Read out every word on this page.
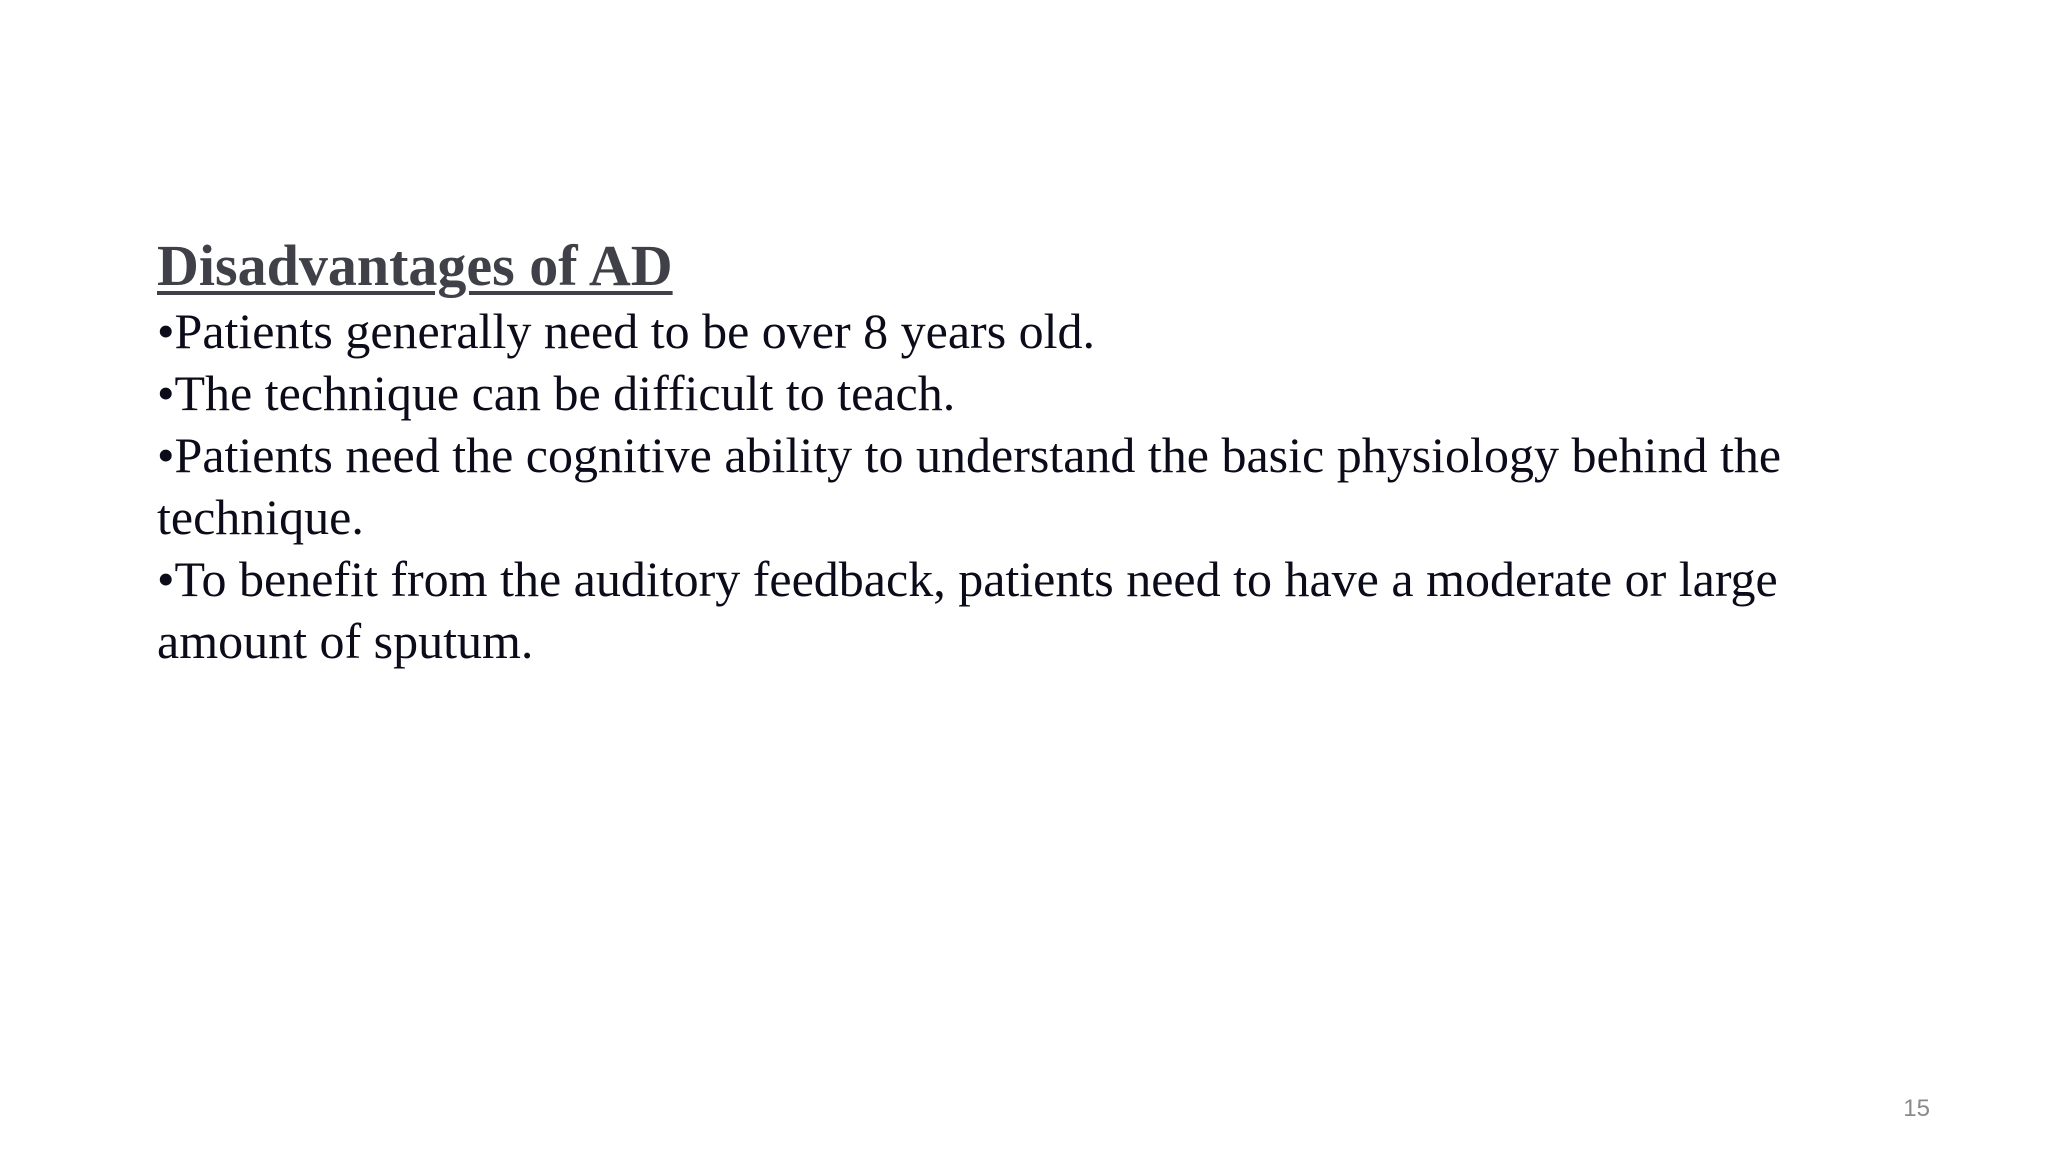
Disadvantages of AD
•Patients generally need to be over 8 years old.
•The technique can be difficult to teach.
•Patients need the cognitive ability to understand the basic physiology behind the technique.
•To benefit from the auditory feedback, patients need to have a moderate or large amount of sputum.
15
